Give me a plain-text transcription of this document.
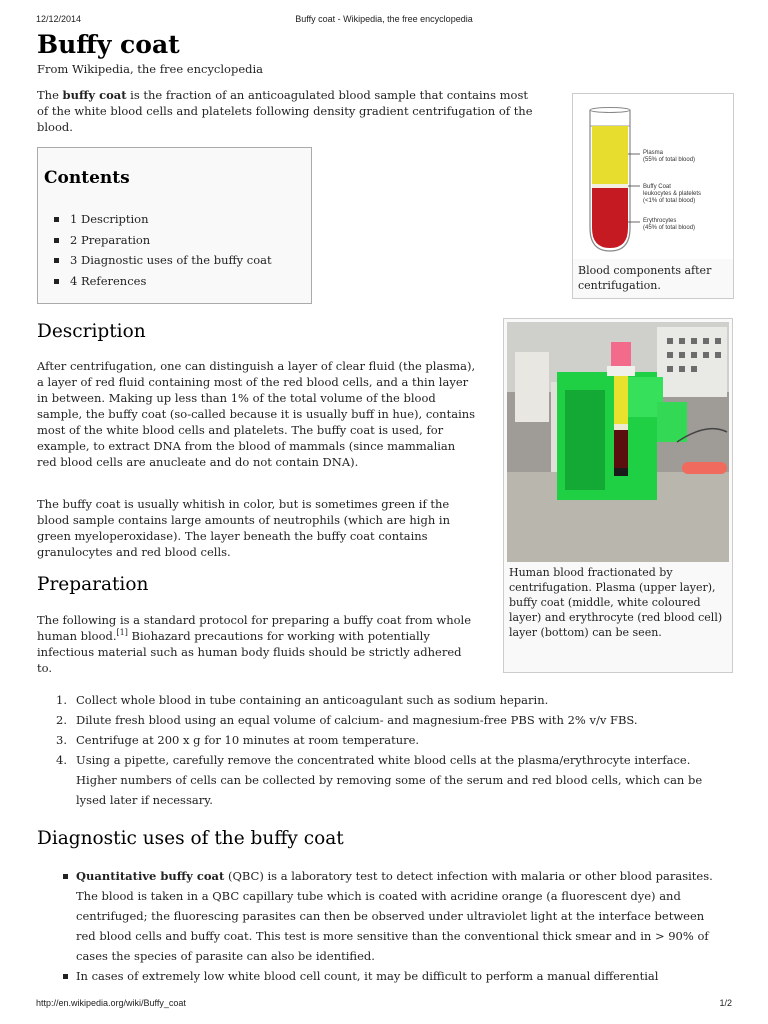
12/12/2014	Buffy coat - Wikipedia, the free encyclopedia
Buffy coat
From Wikipedia, the free encyclopedia

The buffy coat is the fraction of an anticoagulated blood sample that contains most of the white blood cells and platelets following density gradient centrifugation of the blood.

Contents
1 Description
2 Preparation
3 Diagnostic uses of the buffy coat
4 References
Plasma
(55% of total blood)
Buffy Coat
leukocytes & platelets
(<1% of total blood)
Erythrocytes
(45% of total blood)
Blood components after centrifugation.
Description

After centrifugation, one can distinguish a layer of clear fluid (the plasma), a layer of red fluid containing most of the red blood cells, and a thin layer in between. Making up less than 1% of the total volume of the blood sample, the buffy coat (so-called because it is usually buff in hue), contains most of the white blood cells and platelets. The buffy coat is used, for example, to extract DNA from the blood of mammals (since mammalian red blood cells are anucleate and do not contain DNA).

The buffy coat is usually whitish in color, but is sometimes green if the blood sample contains large amounts of neutrophils (which are high in green myeloperoxidase). The layer beneath the buffy coat contains granulocytes and red blood cells.

Human blood fractionated by centrifugation. Plasma (upper layer), buffy coat (middle, white coloured layer) and erythrocyte (red blood cell) layer (bottom) can be seen.
Preparation

The following is a standard protocol for preparing a buffy coat from whole human blood.[1] Biohazard precautions for working with potentially infectious material such as human body fluids should be strictly adhered to.

1. Collect whole blood in tube containing an anticoagulant such as sodium heparin.
2. Dilute fresh blood using an equal volume of calcium- and magnesium-free PBS with 2% v/v FBS.
3. Centrifuge at 200 x g for 10 minutes at room temperature.
4. Using a pipette, carefully remove the concentrated white blood cells at the plasma/erythrocyte interface. Higher numbers of cells can be collected by removing some of the serum and red blood cells, which can be lysed later if necessary.
Diagnostic uses of the buffy coat
Quantitative buffy coat (QBC) is a laboratory test to detect infection with malaria or other blood parasites. The blood is taken in a QBC capillary tube which is coated with acridine orange (a fluorescent dye) and centrifuged; the fluorescing parasites can then be observed under ultraviolet light at the interface between red blood cells and buffy coat. This test is more sensitive than the conventional thick smear and in > 90% of cases the species of parasite can also be identified.
In cases of extremely low white blood cell count, it may be difficult to perform a manual differential
http://en.wikipedia.org/wiki/Buffy_coat	1/2
